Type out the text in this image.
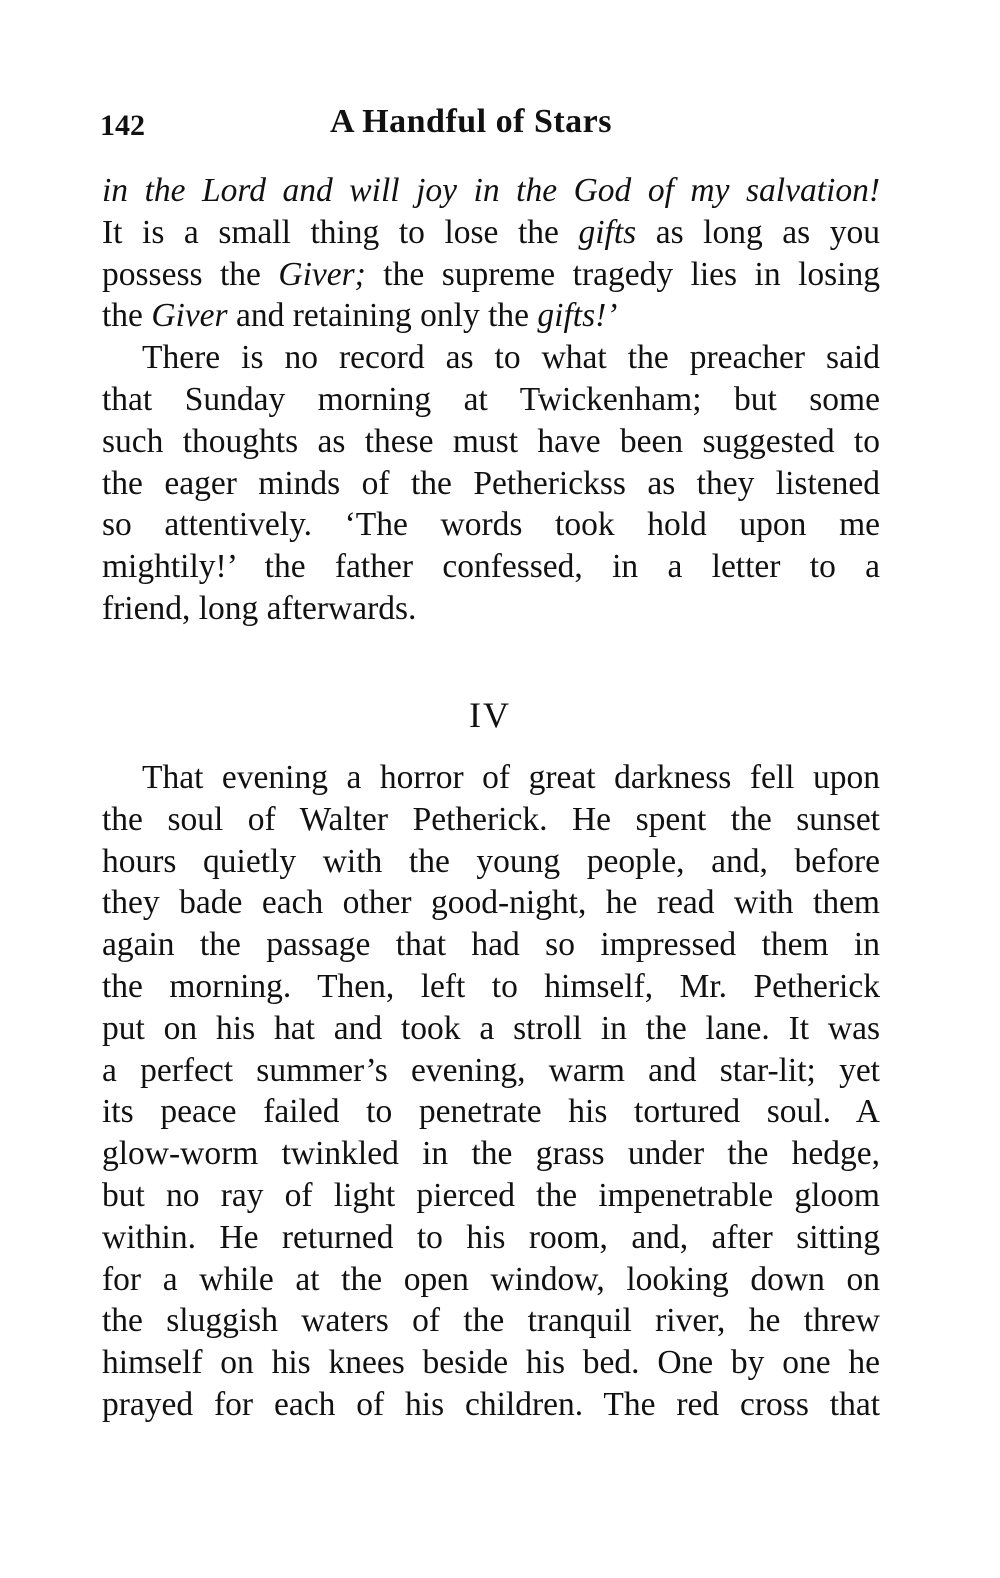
142	A Handful of Stars
in the Lord and will joy in the God of my salvation!
It is a small thing to lose the gifts as long as you
possess the Giver; the supreme tragedy lies in losing
the Giver and retaining only the gifts!’
There is no record as to what the preacher said
that Sunday morning at Twickenham; but some
such thoughts as these must have been suggested to
the eager minds of the Petherickss as they listened
so attentively. ‘The words took hold upon me
mightily!’ the father confessed, in a letter to a
friend, long afterwards.
IV
That evening a horror of great darkness fell upon
the soul of Walter Petherick. He spent the sunset
hours quietly with the young people, and, before
they bade each other good-night, he read with them
again the passage that had so impressed them in
the morning. Then, left to himself, Mr. Petherick
put on his hat and took a stroll in the lane. It was
a perfect summer’s evening, warm and star-lit; yet
its peace failed to penetrate his tortured soul. A
glow-worm twinkled in the grass under the hedge,
but no ray of light pierced the impenetrable gloom
within. He returned to his room, and, after sitting
for a while at the open window, looking down on
the sluggish waters of the tranquil river, he threw
himself on his knees beside his bed. One by one he
prayed for each of his children. The red cross that
